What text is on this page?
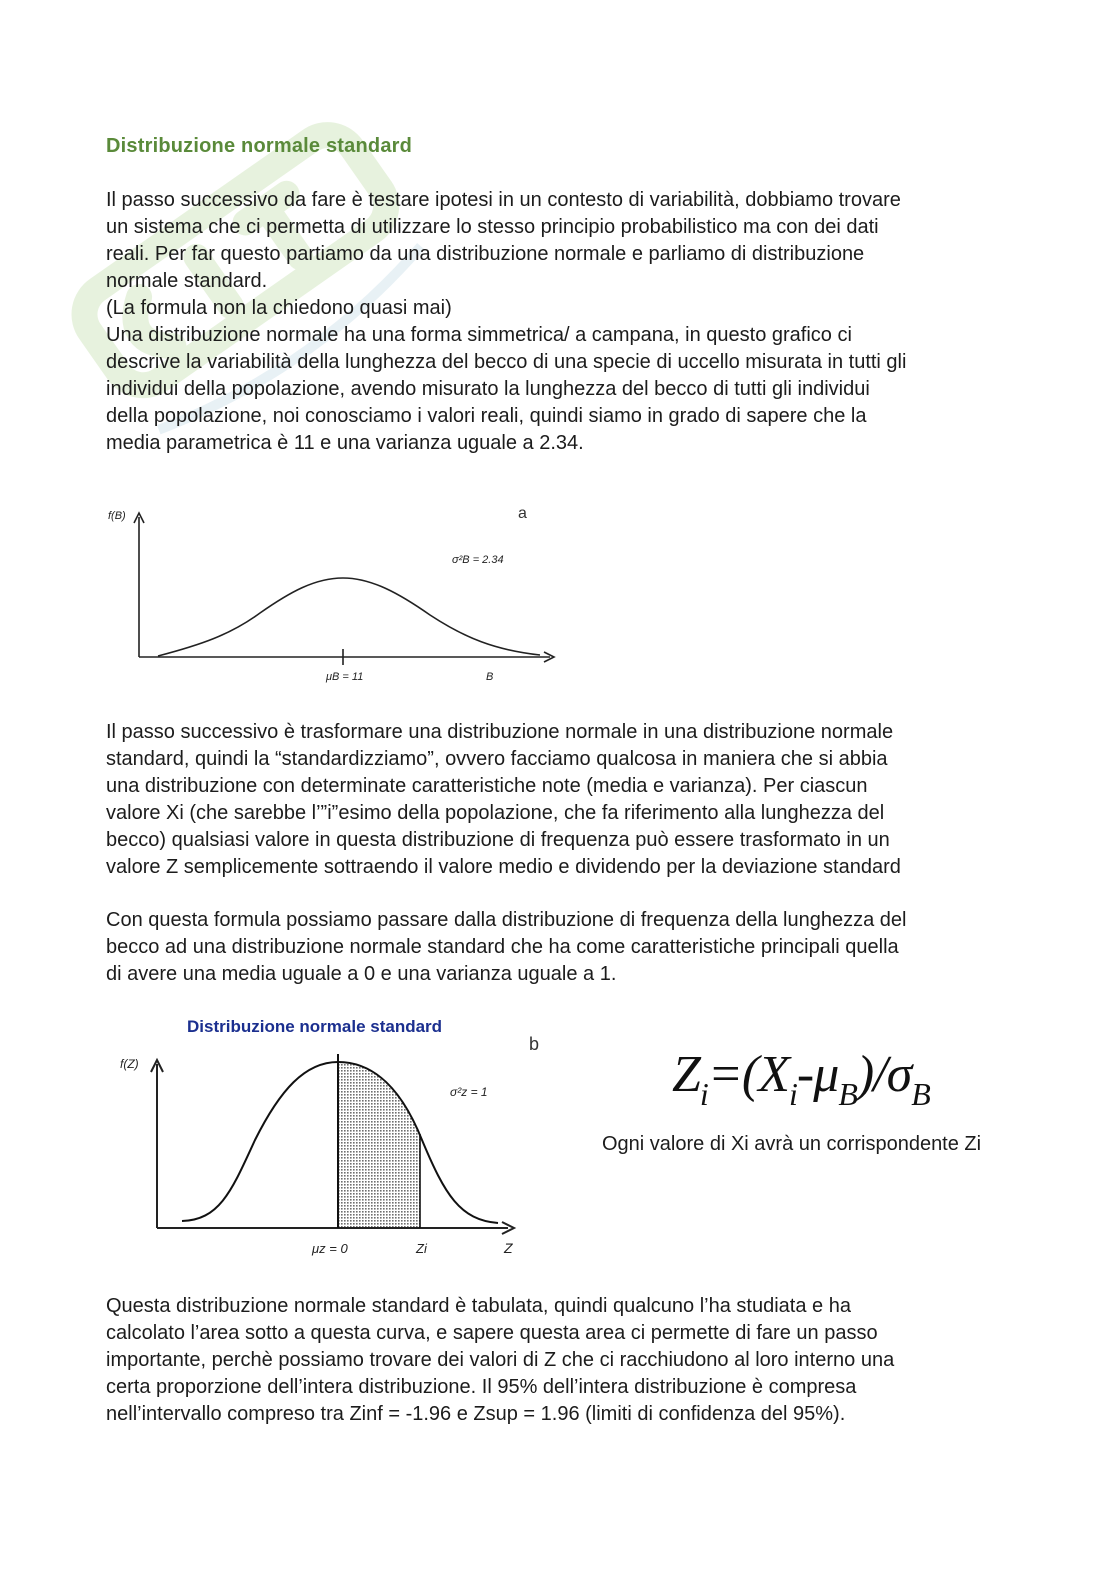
Distribuzione normale standard
Il passo successivo da fare è testare ipotesi in un contesto di variabilità, dobbiamo trovare
un sistema che ci permetta di utilizzare lo stesso principio probabilistico ma con dei dati
reali. Per far questo partiamo da una distribuzione normale e parliamo di distribuzione
normale standard.
(La formula non la chiedono quasi mai)
Una distribuzione normale ha una forma simmetrica/ a campana, in questo grafico ci
descrive la variabilità della lunghezza del becco di una specie di uccello misurata in tutti gli
individui della popolazione, avendo misurato la lunghezza del becco di tutti gli individui
della popolazione, noi conosciamo i valori reali, quindi siamo in grado di sapere che la
media parametrica è 11 e una varianza uguale a 2.34.
f(B)	a
σ²B = 2.34
μB = 11	B
Il passo successivo è trasformare una distribuzione normale in una distribuzione normale
standard, quindi la “standardizziamo”, ovvero facciamo qualcosa in maniera che si abbia
una distribuzione con determinate caratteristiche note (media e varianza). Per ciascun
valore Xi (che sarebbe l’”i”esimo della popolazione, che fa riferimento alla lunghezza del
becco) qualsiasi valore in questa distribuzione di frequenza può essere trasformato in un
valore Z semplicemente sottraendo il valore medio e dividendo per la deviazione standard
Con questa formula possiamo passare dalla distribuzione di frequenza della lunghezza del
becco ad una distribuzione normale standard che ha come caratteristiche principali quella
di avere una media uguale a 0 e una varianza uguale a 1.
Distribuzione normale standard
b
f(Z)
σ²z = 1
μz = 0	Zi	Z
$Z_i=(X_i-\mu_B)/\sigma_B$
Ogni valore di Xi avrà un corrispondente Zi
Questa distribuzione normale standard è tabulata, quindi qualcuno l’ha studiata e ha
calcolato l’area sotto a questa curva, e sapere questa area ci permette di fare un passo
importante, perchè possiamo trovare dei valori di Z che ci racchiudono al loro interno una
certa proporzione dell’intera distribuzione. Il 95% dell’intera distribuzione è compresa
nell’intervallo compreso tra Zinf = -1.96 e Zsup = 1.96 (limiti di confidenza del 95%).
